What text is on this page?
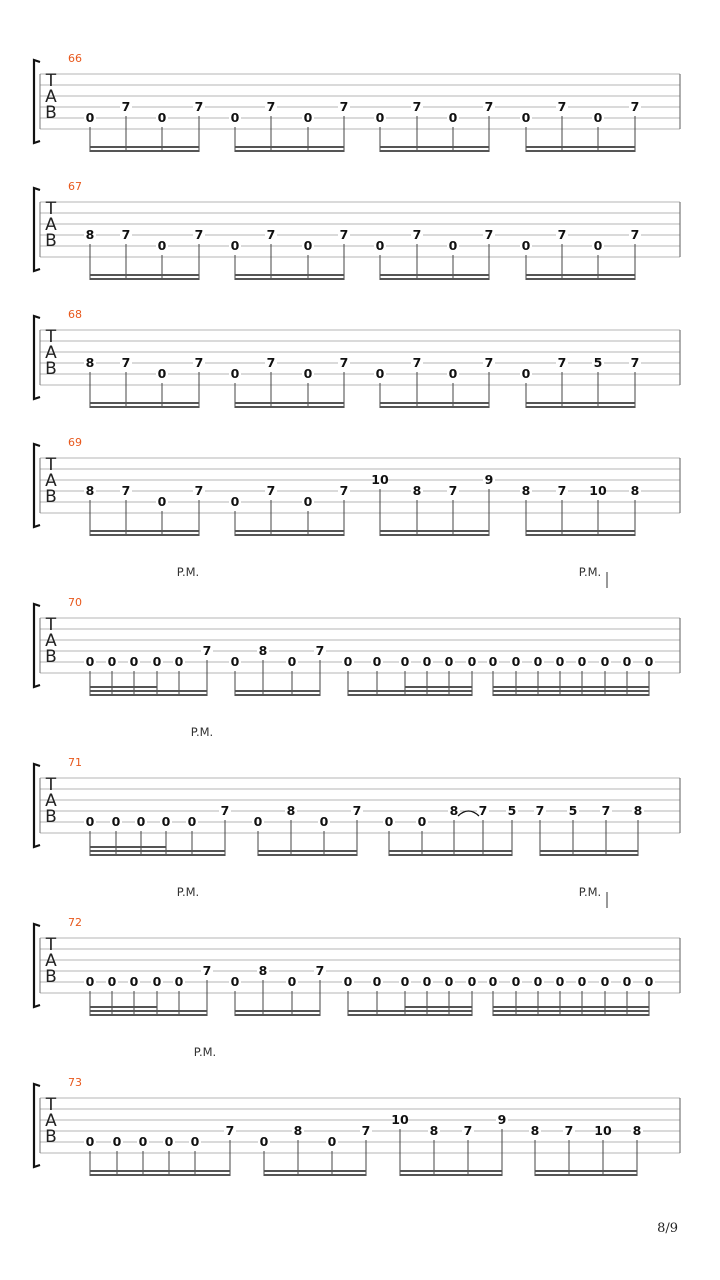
66
T
A
B 0
7
0
7
0
7
0
7
0
7
0
7
0
7
0
7
67
T
A
B 8 7
0
7
0
7
0
7
0
7
0
7
0
7
0
7
68
T
A
B 8 7
0
7
0
7
0
7
0
7
0
7
0
7 5 7
69
T
A
B 8 7
0
7
0
7
0
7
10
8 7
9
8 7 10 8
70
T
A
B
P.M.	P.M.
0 0 0 0 0
7
0
8
0
7
0 0 0 0 0 0 0 0 0 0 0 0 0 0
71
T
A
B
P.M.
0 0 0 0 0
7
0
8
0
7
0 0
8 7 5 7 5 7 8
72
T
A
B
P.M.	P.M.
0 0 0 0 0
7
0
8
0
7
0 0 0 0 0 0 0 0 0 0 0 0 0 0
73
T
A
B
P.M.
0 0 0 0 0
7
0
8
0
7
10
8 7
9
8 7 10 8
8/9
